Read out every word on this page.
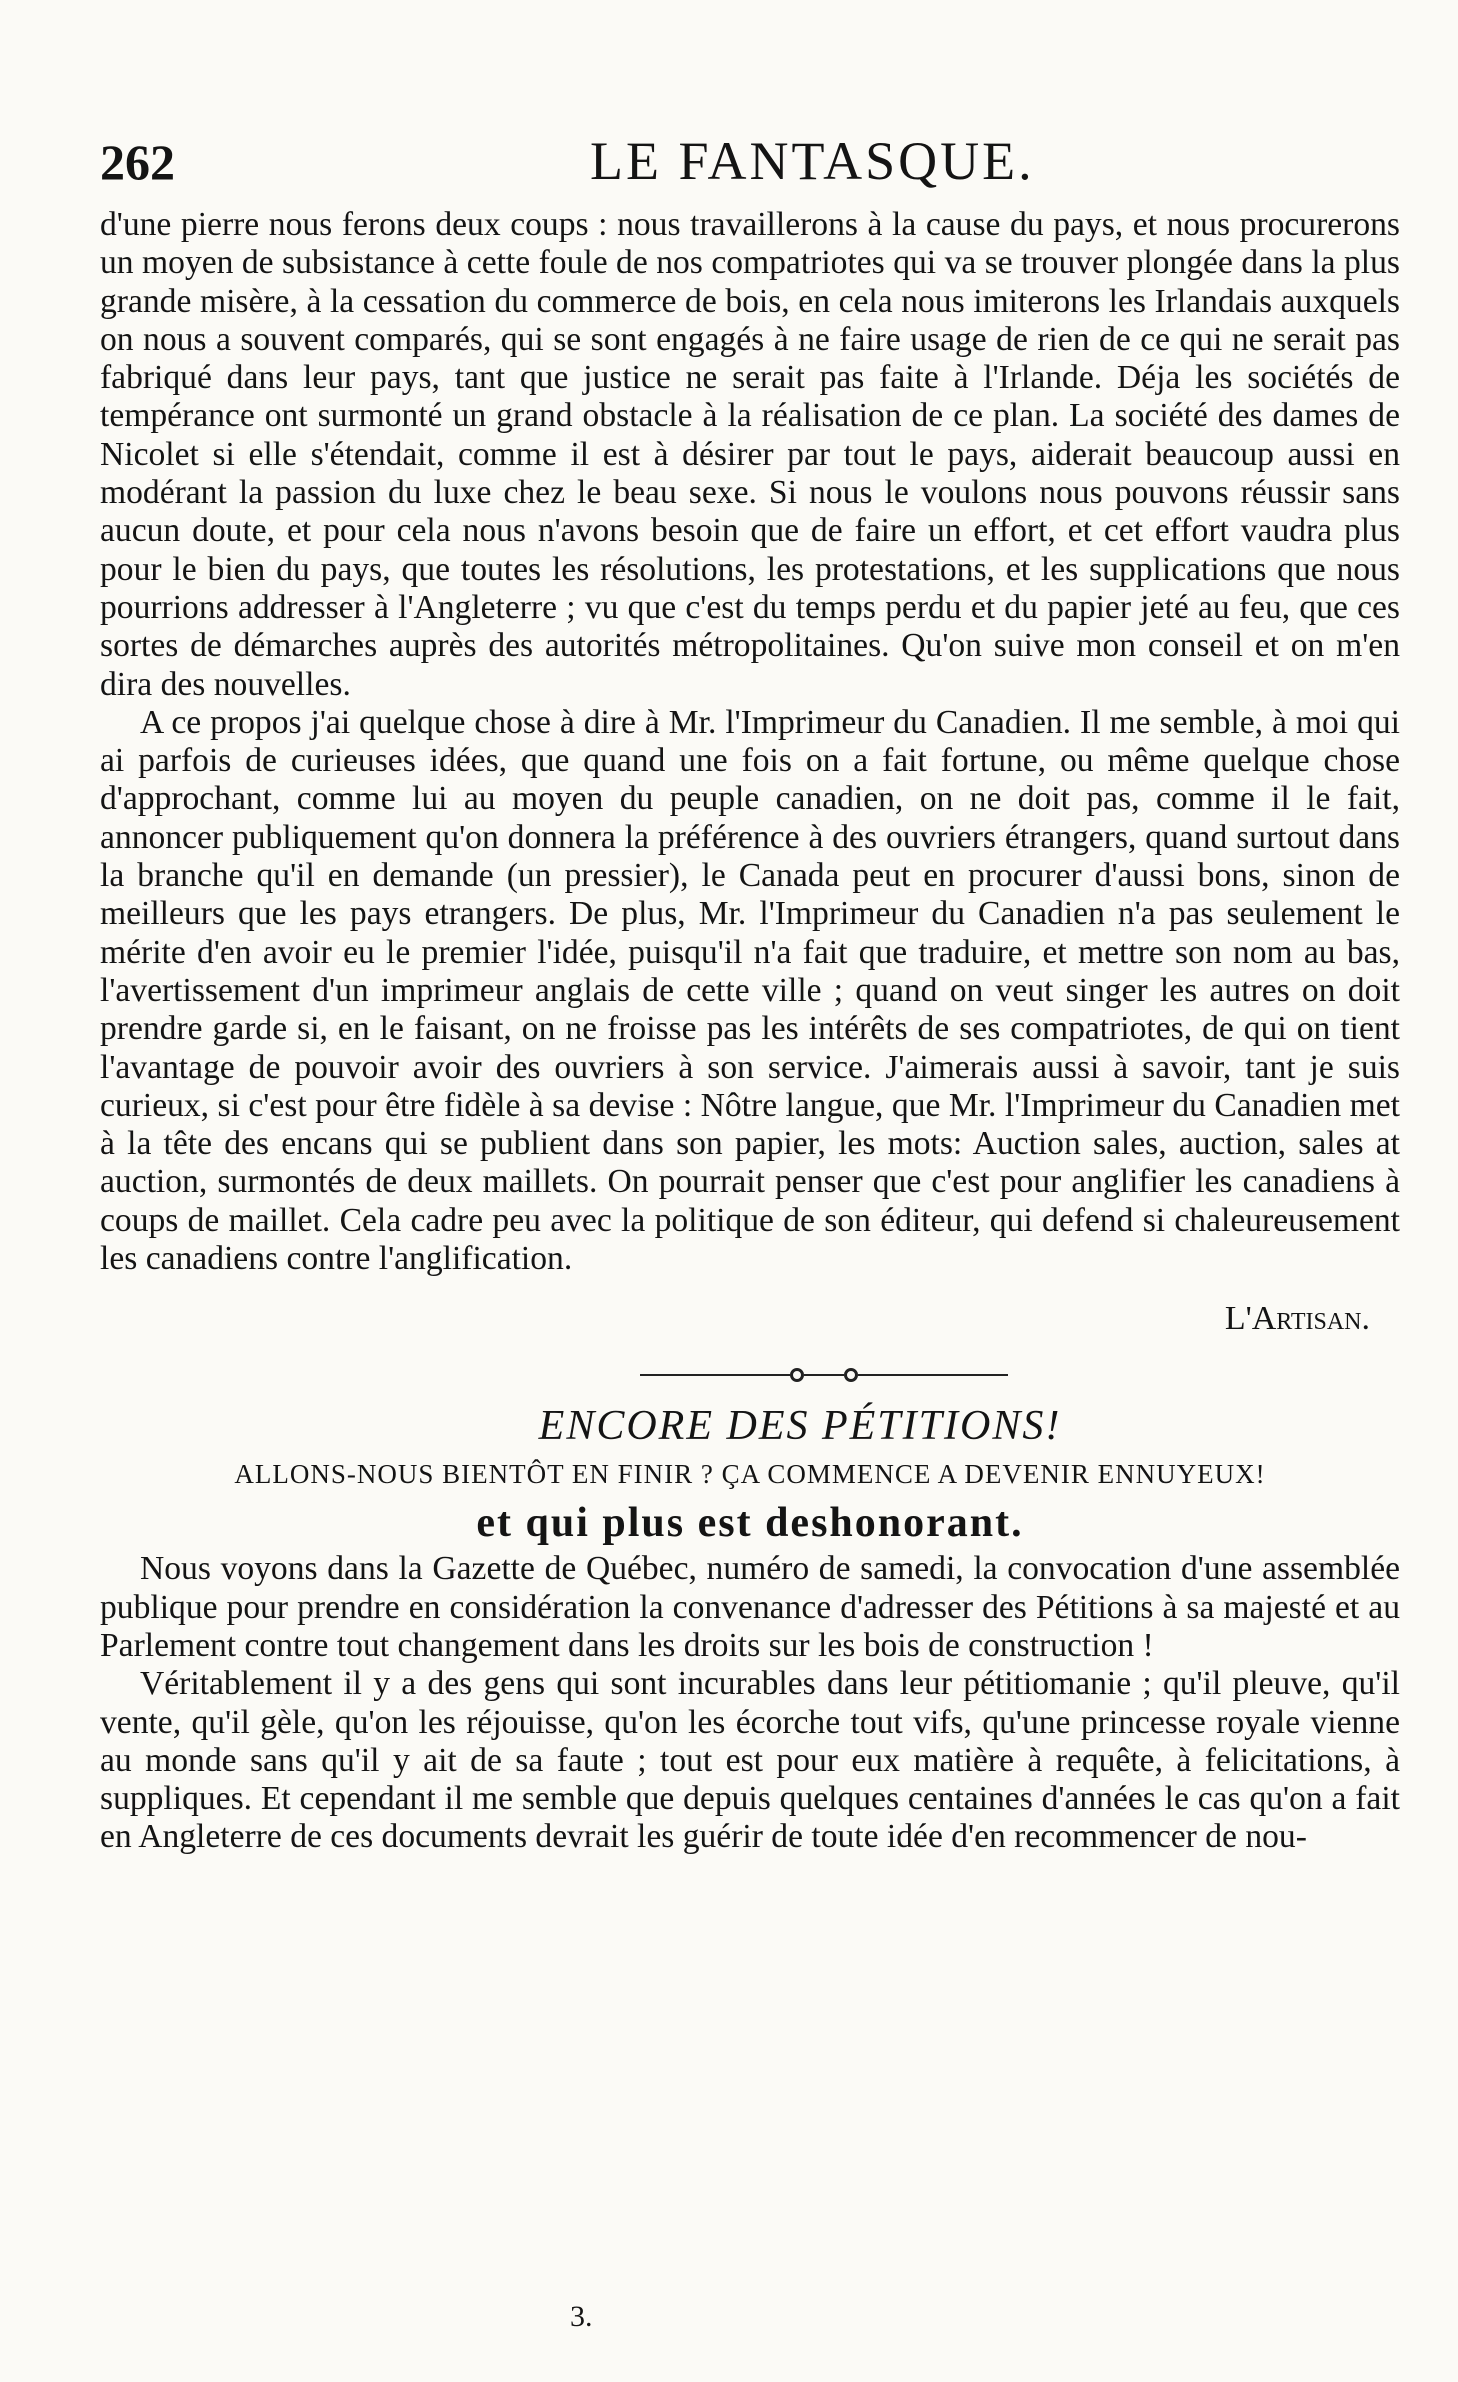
262	LE FANTASQUE.

d'une pierre nous ferons deux coups : nous travaillerons à la cause du pays, et nous procurerons un moyen de subsistance à cette foule de nos compatriotes qui va se trouver plongée dans la plus grande misère, à la cessation du commerce de bois, en cela nous imiterons les Irlandais auxquels on nous a souvent comparés, qui se sont engagés à ne faire usage de rien de ce qui ne serait pas fabriqué dans leur pays, tant que justice ne serait pas faite à l'Irlande. Déja les sociétés de tempérance ont surmonté un grand obstacle à la réalisation de ce plan. La société des dames de Nicolet si elle s'étendait, comme il est à désirer par tout le pays, aiderait beaucoup aussi en modérant la passion du luxe chez le beau sexe. Si nous le voulons nous pouvons réussir sans aucun doute, et pour cela nous n'avons besoin que de faire un effort, et cet effort vaudra plus pour le bien du pays, que toutes les résolutions, les protestations, et les supplications que nous pourrions addresser à l'Angleterre ; vu que c'est du temps perdu et du papier jeté au feu, que ces sortes de démarches auprès des autorités métropolitaines. Qu'on suive mon conseil et on m'en dira des nouvelles.

A ce propos j'ai quelque chose à dire à Mr. l'Imprimeur du Canadien. Il me semble, à moi qui ai parfois de curieuses idées, que quand une fois on a fait fortune, ou même quelque chose d'approchant, comme lui au moyen du peuple canadien, on ne doit pas, comme il le fait, annoncer publiquement qu'on donnera la préférence à des ouvriers étrangers, quand surtout dans la branche qu'il en demande (un pressier), le Canada peut en procurer d'aussi bons, sinon de meilleurs que les pays etrangers. De plus, Mr. l'Imprimeur du Canadien n'a pas seulement le mérite d'en avoir eu le premier l'idée, puisqu'il n'a fait que traduire, et mettre son nom au bas, l'avertissement d'un imprimeur anglais de cette ville ; quand on veut singer les autres on doit prendre garde si, en le faisant, on ne froisse pas les intérêts de ses compatriotes, de qui on tient l'avantage de pouvoir avoir des ouvriers à son service. J'aimerais aussi à savoir, tant je suis curieux, si c'est pour être fidèle à sa devise : Nôtre langue, que Mr. l'Imprimeur du Canadien met à la tête des encans qui se publient dans son papier, les mots: Auction sales, auction, sales at auction, surmontés de deux maillets. On pourrait penser que c'est pour anglifier les canadiens à coups de maillet. Cela cadre peu avec la politique de son éditeur, qui defend si chaleureusement les canadiens contre l'anglification.

L'Artisan.
ENCORE DES PÉTITIONS!
ALLONS-NOUS BIENTÔT EN FINIR ? ÇA COMMENCE A DEVENIR ENNUYEUX!
et qui plus est deshonorant.

Nous voyons dans la Gazette de Québec, numéro de samedi, la convocation d'une assemblée publique pour prendre en considération la convenance d'adresser des Pétitions à sa majesté et au Parlement contre tout changement dans les droits sur les bois de construction !

Véritablement il y a des gens qui sont incurables dans leur pétitiomanie ; qu'il pleuve, qu'il vente, qu'il gèle, qu'on les réjouisse, qu'on les écorche tout vifs, qu'une princesse royale vienne au monde sans qu'il y ait de sa faute ; tout est pour eux matière à requête, à felicitations, à suppliques. Et cependant il me semble que depuis quelques centaines d'années le cas qu'on a fait en Angleterre de ces documents devrait les guérir de toute idée d'en recommencer de nou-

3.
